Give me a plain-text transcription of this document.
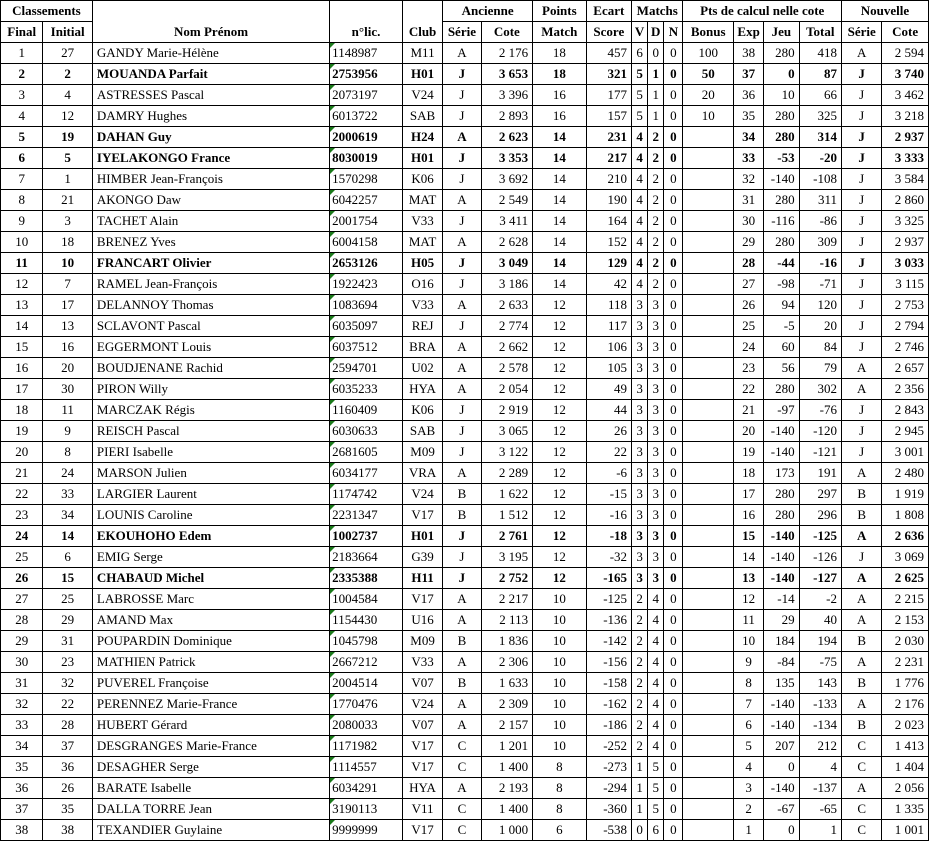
Classements					Ancienne		Points	Ecart	Matchs			Pts de calcul nelle cote				Nouvelle	
Final	Initial	Nom Prénom	n°lic.	Club	Série	Cote	Match	Score	V	D	N	Bonus	Exp	Jeu	Total	Série	Cote
1	27	GANDY Marie-Hélène	1148987	M11	A	2 176	18	457	6	0	0	100	38	280	418	A	2 594
2	2	MOUANDA Parfait	2753956	H01	J	3 653	18	321	5	1	0	50	37	0	87	J	3 740
3	4	ASTRESSES Pascal	2073197	V24	J	3 396	16	177	5	1	0	20	36	10	66	J	3 462
4	12	DAMRY Hughes	6013722	SAB	J	2 893	16	157	5	1	0	10	35	280	325	J	3 218
5	19	DAHAN Guy	2000619	H24	A	2 623	14	231	4	2	0		34	280	314	J	2 937
6	5	IYELAKONGO France	8030019	H01	J	3 353	14	217	4	2	0		33	-53	-20	J	3 333
7	1	HIMBER Jean-François	1570298	K06	J	3 692	14	210	4	2	0		32	-140	-108	J	3 584
8	21	AKONGO Daw	6042257	MAT	A	2 549	14	190	4	2	0		31	280	311	J	2 860
9	3	TACHET Alain	2001754	V33	J	3 411	14	164	4	2	0		30	-116	-86	J	3 325
10	18	BRENEZ Yves	6004158	MAT	A	2 628	14	152	4	2	0		29	280	309	J	2 937
11	10	FRANCART Olivier	2653126	H05	J	3 049	14	129	4	2	0		28	-44	-16	J	3 033
12	7	RAMEL Jean-François	1922423	O16	J	3 186	14	42	4	2	0		27	-98	-71	J	3 115
13	17	DELANNOY Thomas	1083694	V33	A	2 633	12	118	3	3	0		26	94	120	J	2 753
14	13	SCLAVONT Pascal	6035097	REJ	J	2 774	12	117	3	3	0		25	-5	20	J	2 794
15	16	EGGERMONT Louis	6037512	BRA	A	2 662	12	106	3	3	0		24	60	84	J	2 746
16	20	BOUDJENANE Rachid	2594701	U02	A	2 578	12	105	3	3	0		23	56	79	A	2 657
17	30	PIRON Willy	6035233	HYA	A	2 054	12	49	3	3	0		22	280	302	A	2 356
18	11	MARCZAK Régis	1160409	K06	J	2 919	12	44	3	3	0		21	-97	-76	J	2 843
19	9	REISCH Pascal	6030633	SAB	J	3 065	12	26	3	3	0		20	-140	-120	J	2 945
20	8	PIERI Isabelle	2681605	M09	J	3 122	12	22	3	3	0		19	-140	-121	J	3 001
21	24	MARSON Julien	6034177	VRA	A	2 289	12	-6	3	3	0		18	173	191	A	2 480
22	33	LARGIER Laurent	1174742	V24	B	1 622	12	-15	3	3	0		17	280	297	B	1 919
23	34	LOUNIS Caroline	2231347	V17	B	1 512	12	-16	3	3	0		16	280	296	B	1 808
24	14	EKOUHOHO Edem	1002737	H01	J	2 761	12	-18	3	3	0		15	-140	-125	A	2 636
25	6	EMIG Serge	2183664	G39	J	3 195	12	-32	3	3	0		14	-140	-126	J	3 069
26	15	CHABAUD Michel	2335388	H11	J	2 752	12	-165	3	3	0		13	-140	-127	A	2 625
27	25	LABROSSE Marc	1004584	V17	A	2 217	10	-125	2	4	0		12	-14	-2	A	2 215
28	29	AMAND Max	1154430	U16	A	2 113	10	-136	2	4	0		11	29	40	A	2 153
29	31	POUPARDIN Dominique	1045798	M09	B	1 836	10	-142	2	4	0		10	184	194	B	2 030
30	23	MATHIEN Patrick	2667212	V33	A	2 306	10	-156	2	4	0		9	-84	-75	A	2 231
31	32	PUVEREL Françoise	2004514	V07	B	1 633	10	-158	2	4	0		8	135	143	B	1 776
32	22	PERENNEZ Marie-France	1770476	V24	A	2 309	10	-162	2	4	0		7	-140	-133	A	2 176
33	28	HUBERT Gérard	2080033	V07	A	2 157	10	-186	2	4	0		6	-140	-134	B	2 023
34	37	DESGRANGES Marie-France	1171982	V17	C	1 201	10	-252	2	4	0		5	207	212	C	1 413
35	36	DESAGHER Serge	1114557	V17	C	1 400	8	-273	1	5	0		4	0	4	C	1 404
36	26	BARATE Isabelle	6034291	HYA	A	2 193	8	-294	1	5	0		3	-140	-137	A	2 056
37	35	DALLA TORRE Jean	3190113	V11	C	1 400	8	-360	1	5	0		2	-67	-65	C	1 335
38	38	TEXANDIER Guylaine	9999999	V17	C	1 000	6	-538	0	6	0		1	0	1	C	1 001
